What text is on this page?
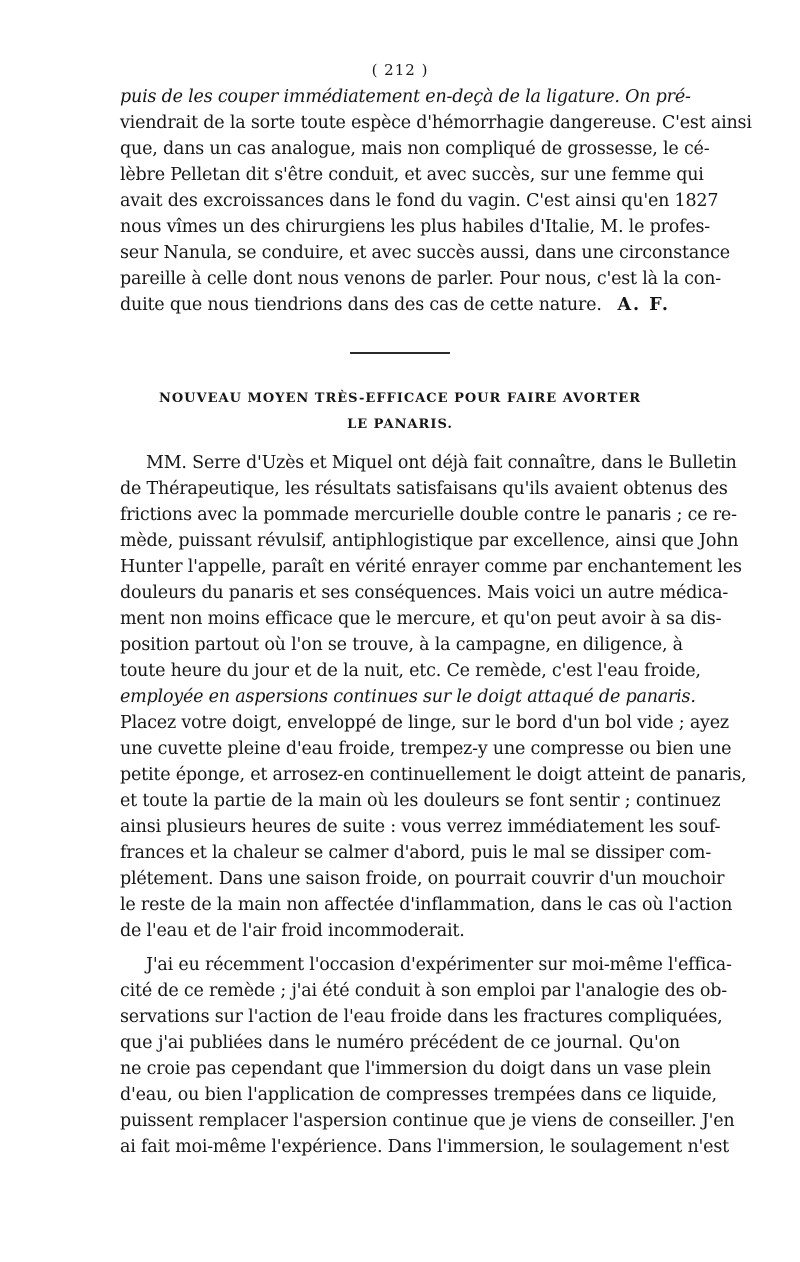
( 212 )
puis de les couper immédiatement en-deçà de la ligature. On pré-
viendrait de la sorte toute espèce d'hémorrhagie dangereuse. C'est ainsi
que, dans un cas analogue, mais non compliqué de grossesse, le cé-
lèbre Pelletan dit s'être conduit, et avec succès, sur une femme qui
avait des excroissances dans le fond du vagin. C'est ainsi qu'en 1827
nous vîmes un des chirurgiens les plus habiles d'Italie, M. le profes-
seur Nanula, se conduire, et avec succès aussi, dans une circonstance
pareille à celle dont nous venons de parler. Pour nous, c'est là la con-
duite que nous tiendrions dans des cas de cette nature. A. F.
NOUVEAU MOYEN TRÈS-EFFICACE POUR FAIRE AVORTER
LE PANARIS.
MM. Serre d'Uzès et Miquel ont déjà fait connaître, dans le Bulletin
de Thérapeutique, les résultats satisfaisans qu'ils avaient obtenus des
frictions avec la pommade mercurielle double contre le panaris ; ce re-
mède, puissant révulsif, antiphlogistique par excellence, ainsi que John
Hunter l'appelle, paraît en vérité enrayer comme par enchantement les
douleurs du panaris et ses conséquences. Mais voici un autre médica-
ment non moins efficace que le mercure, et qu'on peut avoir à sa dis-
position partout où l'on se trouve, à la campagne, en diligence, à
toute heure du jour et de la nuit, etc. Ce remède, c'est l'eau froide,
employée en aspersions continues sur le doigt attaqué de panaris.
Placez votre doigt, enveloppé de linge, sur le bord d'un bol vide ; ayez
une cuvette pleine d'eau froide, trempez-y une compresse ou bien une
petite éponge, et arrosez-en continuellement le doigt atteint de panaris,
et toute la partie de la main où les douleurs se font sentir ; continuez
ainsi plusieurs heures de suite : vous verrez immédiatement les souf-
frances et la chaleur se calmer d'abord, puis le mal se dissiper com-
plétement. Dans une saison froide, on pourrait couvrir d'un mouchoir
le reste de la main non affectée d'inflammation, dans le cas où l'action
de l'eau et de l'air froid incommoderait.
J'ai eu récemment l'occasion d'expérimenter sur moi-même l'effica-
cité de ce remède ; j'ai été conduit à son emploi par l'analogie des ob-
servations sur l'action de l'eau froide dans les fractures compliquées,
que j'ai publiées dans le numéro précédent de ce journal. Qu'on
ne croie pas cependant que l'immersion du doigt dans un vase plein
d'eau, ou bien l'application de compresses trempées dans ce liquide,
puissent remplacer l'aspersion continue que je viens de conseiller. J'en
ai fait moi-même l'expérience. Dans l'immersion, le soulagement n'est
